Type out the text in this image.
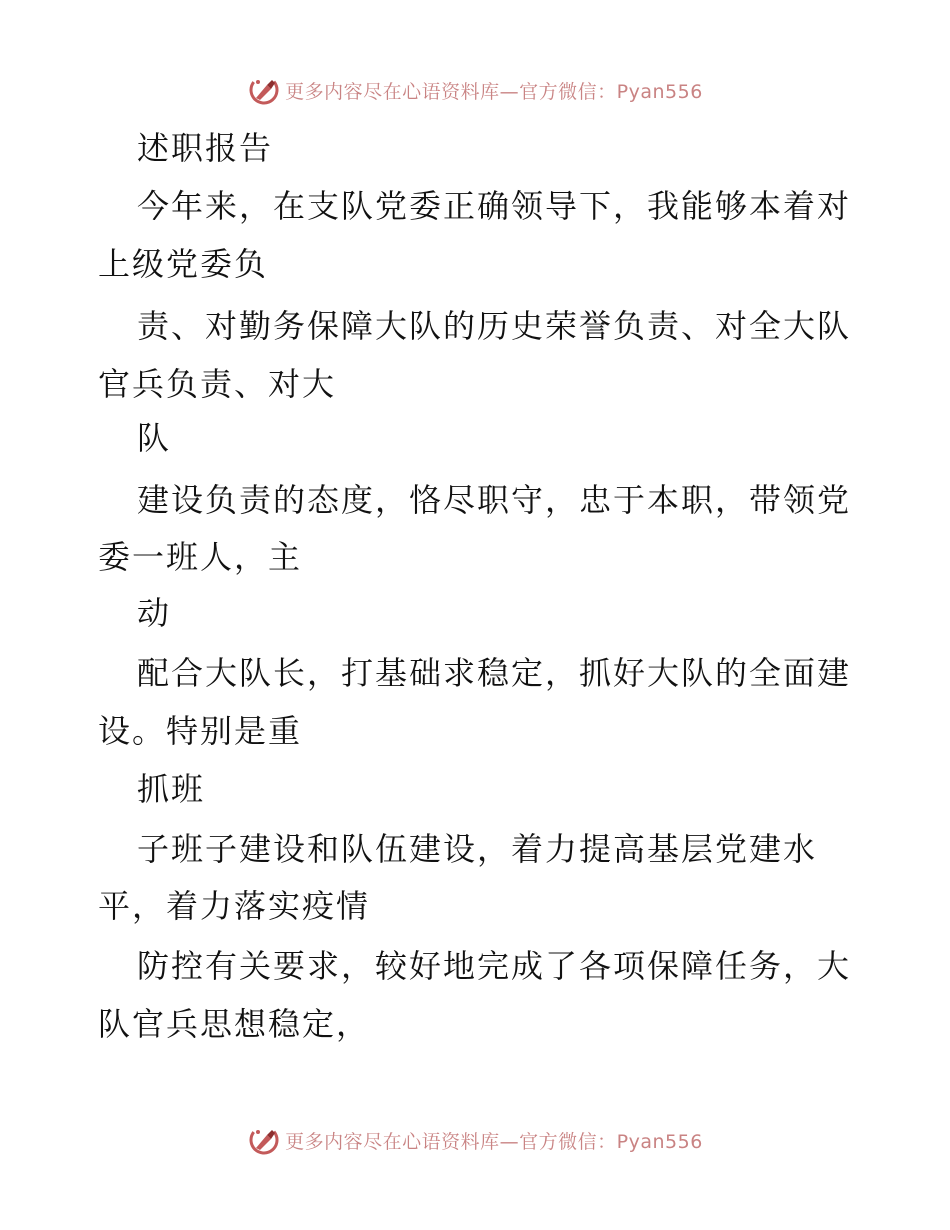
更多内容尽在心语资料库—官方微信：Pyan556
述职报告
今年来，在支队党委正确领导下，我能够本着对
上级党委负
责、对勤务保障大队的历史荣誉负责、对全大队
官兵负责、对大
队
建设负责的态度，恪尽职守，忠于本职，带领党
委一班人，主
动
配合大队长，打基础求稳定，抓好大队的全面建
设。特别是重
抓班
子班子建设和队伍建设，着力提高基层党建水
平，着力落实疫情
防控有关要求，较好地完成了各项保障任务，大
队官兵思想稳定，
更多内容尽在心语资料库—官方微信：Pyan556
